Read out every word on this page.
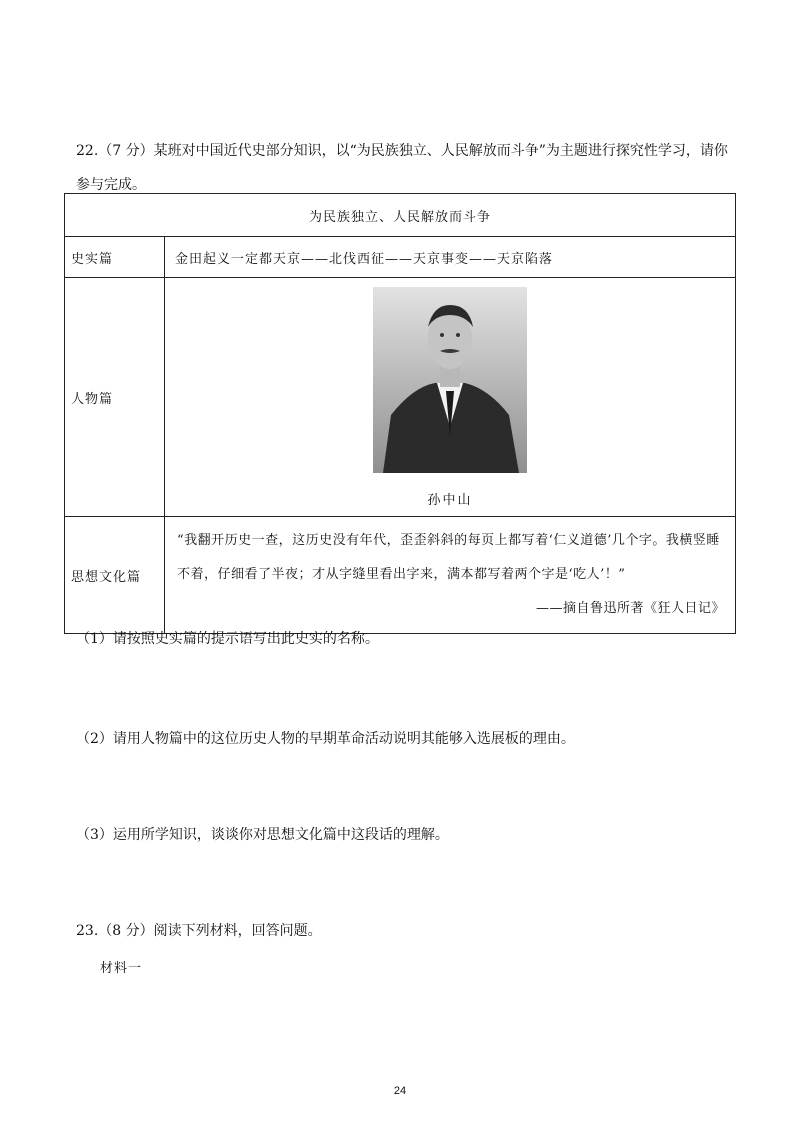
22.（7 分）某班对中国近代史部分知识，以“为民族独立、人民解放而斗争”为主题进行探究性学习，请你
参与完成。
为民族独立、人民解放而斗争	
史实篇	金田起义一定都天京——北伐西征——天京事变——天京陷落
人物篇	孙中山

思想文化篇	“我翻开历史一查，这历史没有年代，歪歪斜斜的每页上都写着‘仁义道德’几个字。我横竖睡
不着，仔细看了半夜；才从字缝里看出字来，满本都写着两个字是‘吃人’！”
——摘自鲁迅所著《狂人日记》
（1）请按照史实篇的提示语写出此史实的名称。
（2）请用人物篇中的这位历史人物的早期革命活动说明其能够入选展板的理由。
（3）运用所学知识，谈谈你对思想文化篇中这段话的理解。
23.（8 分）阅读下列材料，回答问题。
材料一
24
